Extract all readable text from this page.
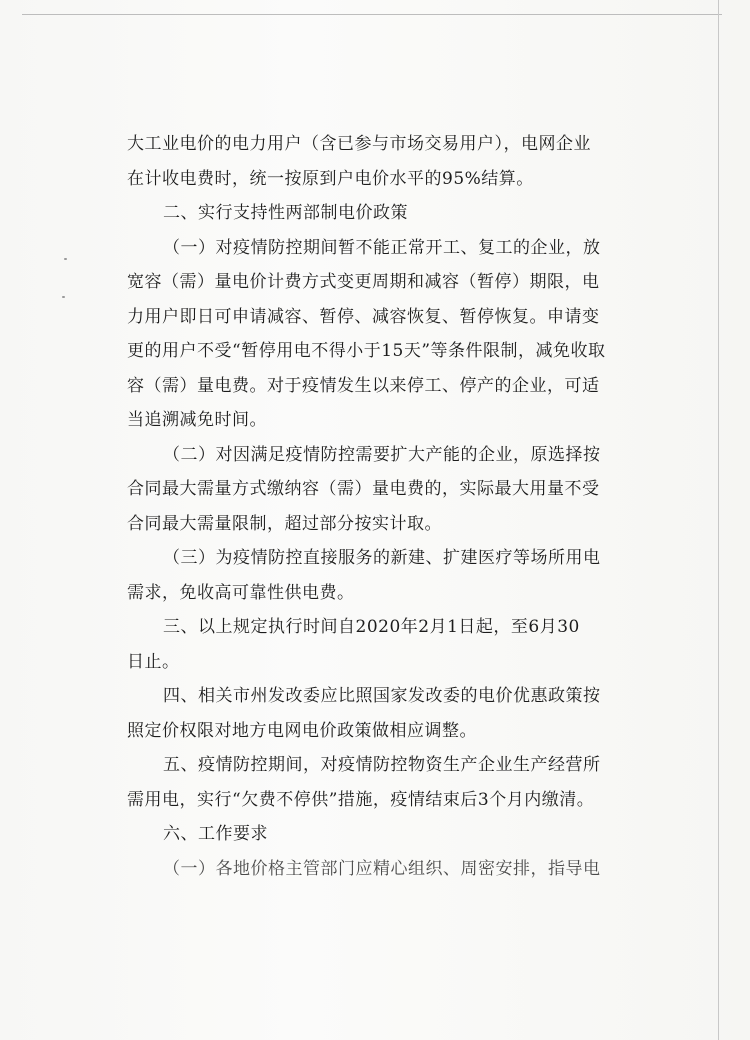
大工业电价的电力用户（含已参与市场交易用户），电网企业
在计收电费时，统一按原到户电价水平的95%结算。
二、实行支持性两部制电价政策
（一）对疫情防控期间暂不能正常开工、复工的企业，放
宽容（需）量电价计费方式变更周期和减容（暂停）期限，电
力用户即日可申请减容、暂停、减容恢复、暂停恢复。申请变
更的用户不受“暂停用电不得小于15天”等条件限制，减免收取
容（需）量电费。对于疫情发生以来停工、停产的企业，可适
当追溯减免时间。
（二）对因满足疫情防控需要扩大产能的企业，原选择按
合同最大需量方式缴纳容（需）量电费的，实际最大用量不受
合同最大需量限制，超过部分按实计取。
（三）为疫情防控直接服务的新建、扩建医疗等场所用电
需求，免收高可靠性供电费。
三、以上规定执行时间自2020年2月1日起，至6月30
日止。
四、相关市州发改委应比照国家发改委的电价优惠政策按
照定价权限对地方电网电价政策做相应调整。
五、疫情防控期间，对疫情防控物资生产企业生产经营所
需用电，实行“欠费不停供”措施，疫情结束后3个月内缴清。
六、工作要求
（一）各地价格主管部门应精心组织、周密安排，指导电
